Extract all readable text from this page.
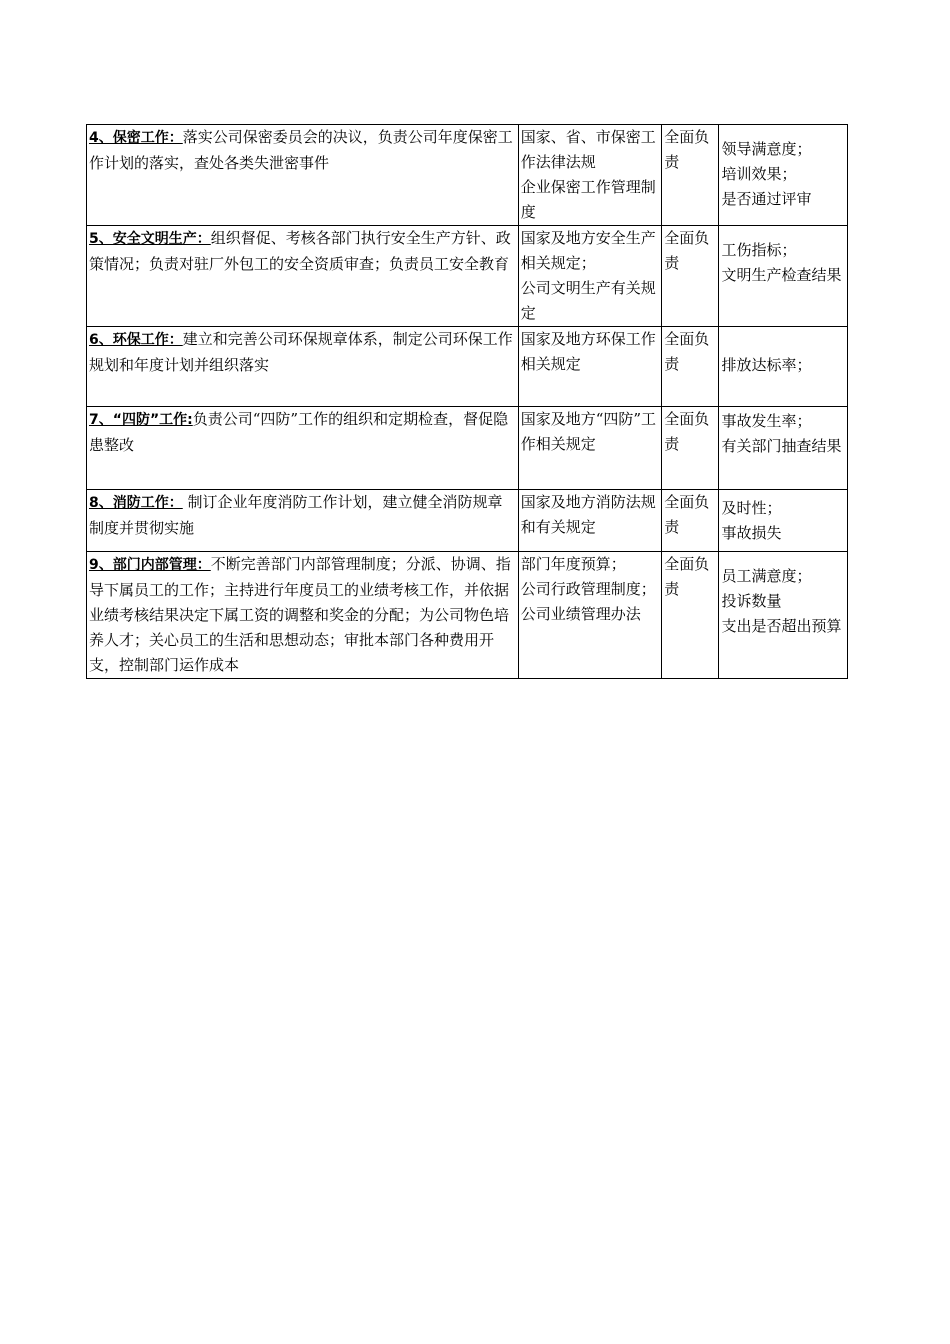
4、保密工作：落实公司保密委员会的决议，负责公司年度保密工作计划的落实，查处各类失泄密事件	国家、省、市保密工作法律法规
企业保密工作管理制度	全面负责	领导满意度；
培训效果；
是否通过评审

5、安全文明生产：组织督促、考核各部门执行安全生产方针、政策情况；负责对驻厂外包工的安全资质审查；负责员工安全教育	国家及地方安全生产相关规定；
公司文明生产有关规定	全面负责	工伤指标；
文明生产检查结果

6、环保工作：建立和完善公司环保规章体系，制定公司环保工作规划和年度计划并组织落实	国家及地方环保工作相关规定	全面负责	排放达标率；

7、“四防”工作:负责公司“四防”工作的组织和定期检查，督促隐患整改	国家及地方“四防”工作相关规定	全面负责	事故发生率；
有关部门抽查结果

8、消防工作： 制订企业年度消防工作计划，建立健全消防规章制度并贯彻实施	国家及地方消防法规和有关规定	全面负责	及时性；
事故损失

9、部门内部管理：不断完善部门内部管理制度；分派、协调、指导下属员工的工作；主持进行年度员工的业绩考核工作，并依据业绩考核结果决定下属工资的调整和奖金的分配；为公司物色培养人才；关心员工的生活和思想动态；审批本部门各种费用开支，控制部门运作成本	部门年度预算；
公司行政管理制度；
公司业绩管理办法	全面负责	员工满意度；
投诉数量
支出是否超出预算
